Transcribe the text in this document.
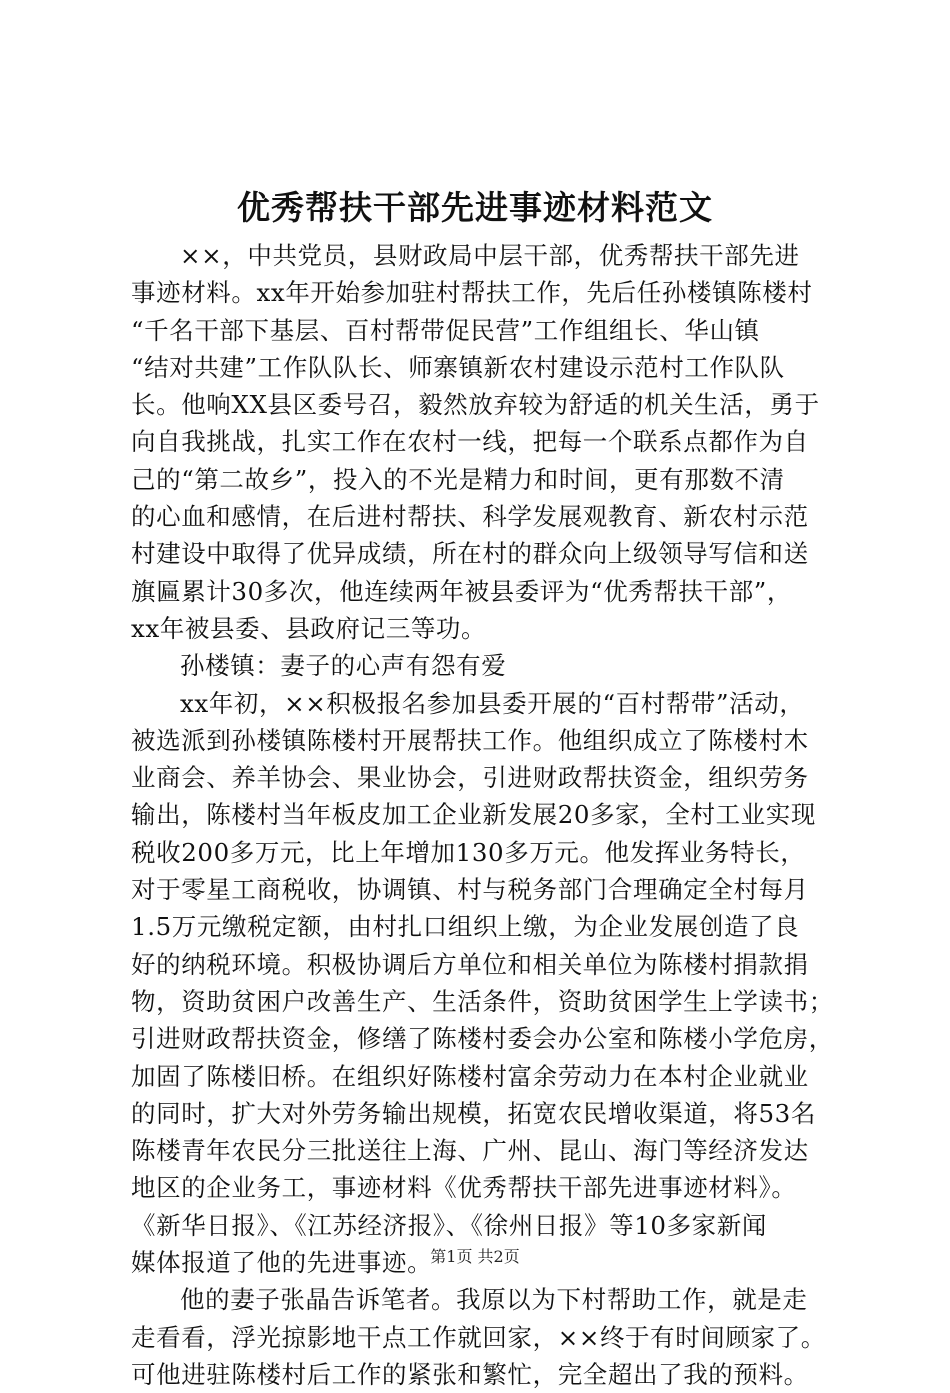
优秀帮扶干部先进事迹材料范文
××，中共党员，县财政局中层干部，优秀帮扶干部先进
事迹材料。xx年开始参加驻村帮扶工作，先后任孙楼镇陈楼村
“千名干部下基层、百村帮带促民营”工作组组长、华山镇
“结对共建”工作队队长、师寨镇新农村建设示范村工作队队
长。他响XX县区委号召，毅然放弃较为舒适的机关生活，勇于
向自我挑战，扎实工作在农村一线，把每一个联系点都作为自
己的“第二故乡”，投入的不光是精力和时间，更有那数不清
的心血和感情，在后进村帮扶、科学发展观教育、新农村示范
村建设中取得了优异成绩，所在村的群众向上级领导写信和送
旗匾累计30多次，他连续两年被县委评为“优秀帮扶干部”，
xx年被县委、县政府记三等功。
孙楼镇：妻子的心声有怨有爱
xx年初，××积极报名参加县委开展的“百村帮带”活动，
被选派到孙楼镇陈楼村开展帮扶工作。他组织成立了陈楼村木
业商会、养羊协会、果业协会，引进财政帮扶资金，组织劳务
输出，陈楼村当年板皮加工企业新发展20多家，全村工业实现
税收200多万元，比上年增加130多万元。他发挥业务特长，
对于零星工商税收，协调镇、村与税务部门合理确定全村每月
1.5万元缴税定额，由村扎口组织上缴，为企业发展创造了良
好的纳税环境。积极协调后方单位和相关单位为陈楼村捐款捐
物，资助贫困户改善生产、生活条件，资助贫困学生上学读书；
引进财政帮扶资金，修缮了陈楼村委会办公室和陈楼小学危房，
加固了陈楼旧桥。在组织好陈楼村富余劳动力在本村企业就业
的同时，扩大对外劳务输出规模，拓宽农民增收渠道，将53名
陈楼青年农民分三批送往上海、广州、昆山、海门等经济发达
地区的企业务工，事迹材料《优秀帮扶干部先进事迹材料》。
《新华日报》、《江苏经济报》、《徐州日报》等10多家新闻
媒体报道了他的先进事迹。
他的妻子张晶告诉笔者。我原以为下村帮助工作，就是走
走看看，浮光掠影地干点工作就回家，××终于有时间顾家了。
可他进驻陈楼村后工作的紧张和繁忙，完全超出了我的预料。
第1页 共2页
